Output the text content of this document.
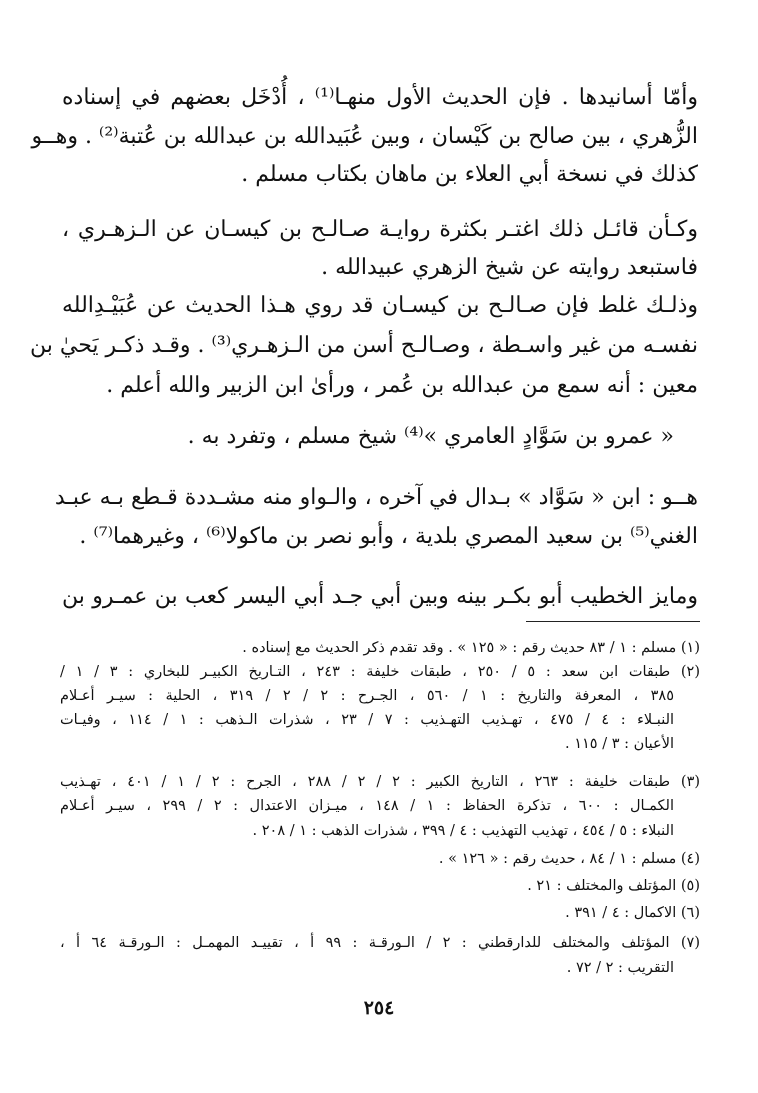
وأمّا أسانيدها . فإن الحديث الأول منهـا⁽¹⁾ ، أُدْخَل بعضهم في إسناده
الزُّهري ، بين صالح بن كَيْسان ، وبين عُبَيدالله بن عبدالله بن عُتبة⁽²⁾ . وهــو
كذلك في نسخة أبي العلاء بن ماهان بكتاب مسلم .
وكـأن قائـل ذلك اغتـر بكثرة روايـة صـالـح بن كيسـان عن الـزهـري ،
فاستبعد روايته عن شيخ الزهري عبيدالله .
وذلـك غلط فإن صـالـح بن كيسـان قد روي هـذا الحديث عن عُبَيْـدِالله
نفسـه من غير واسـطة ، وصـالـح أسن من الـزهـري⁽³⁾ . وقـد ذكـر يَحيٰ بن
معين : أنه سمع من عبدالله بن عُمر ، ورأىٰ ابن الزبير والله أعلم .
« عمرو بن سَوَّادٍ العامري »⁽⁴⁾ شيخ مسلم ، وتفرد به .
هــو : ابن « سَوَّاد » بـدال في آخره ، والـواو منه مشـددة قـطع بـه عبـد
الغني⁽⁵⁾ بن سعيد المصري بلدية ، وأبو نصر بن ماكولا⁽⁶⁾ ، وغيرهما⁽⁷⁾ .
ومايز الخطيب أبو بكـر بينه وبين أبي جـد أبي اليسر كعب بن عمـرو بن
(١) مسلم : ١ / ٨٣ حديث رقم : « ١٢٥ » . وقد تقدم ذكر الحديث مع إسناده .
(٢) طبقات ابن سعد : ٥ / ٢٥٠ ، طبقات خليفة : ٢٤٣ ، التـاريخ الكبيـر للبخاري : ٣ / ١ /
٣٨٥ ، المعرفة والتاريخ : ١ / ٥٦٠ ، الجـرح : ٢ / ٢ / ٣١٩ ، الحلية : سيـر أعـلام
النبـلاء : ٤ / ٤٧٥ ، تهـذيب التهـذيب : ٧ / ٢٣ ، شذرات الـذهب : ١ / ١١٤ ، وفيـات
الأعيان : ٣ / ١١٥ .
(٣) طبقات خليفة : ٢٦٣ ، التاريخ الكبير : ٢ / ٢ / ٢٨٨ ، الجرح : ٢ / ١ / ٤٠١ ، تهـذيب
الكمـال : ٦٠٠ ، تذكرة الحفاظ : ١ / ١٤٨ ، ميـزان الاعتدال : ٢ / ٢٩٩ ، سيـر أعـلام
النبلاء : ٥ / ٤٥٤ ، تهذيب التهذيب : ٤ / ٣٩٩ ، شذرات الذهب : ١ / ٢٠٨ .
(٤) مسلم : ١ / ٨٤ ، حديث رقم : « ١٢٦ » .
(٥) المؤتلف والمختلف : ٢١ .
(٦) الاكمال : ٤ / ٣٩١ .
(٧) المؤتلف والمختلف للدارقطني : ٢ / الـورقـة : ٩٩ أ ، تقييـد المهمـل : الـورقـة ٦٤ أ ،
التقريب : ٢ / ٧٢ .
٢٥٤
